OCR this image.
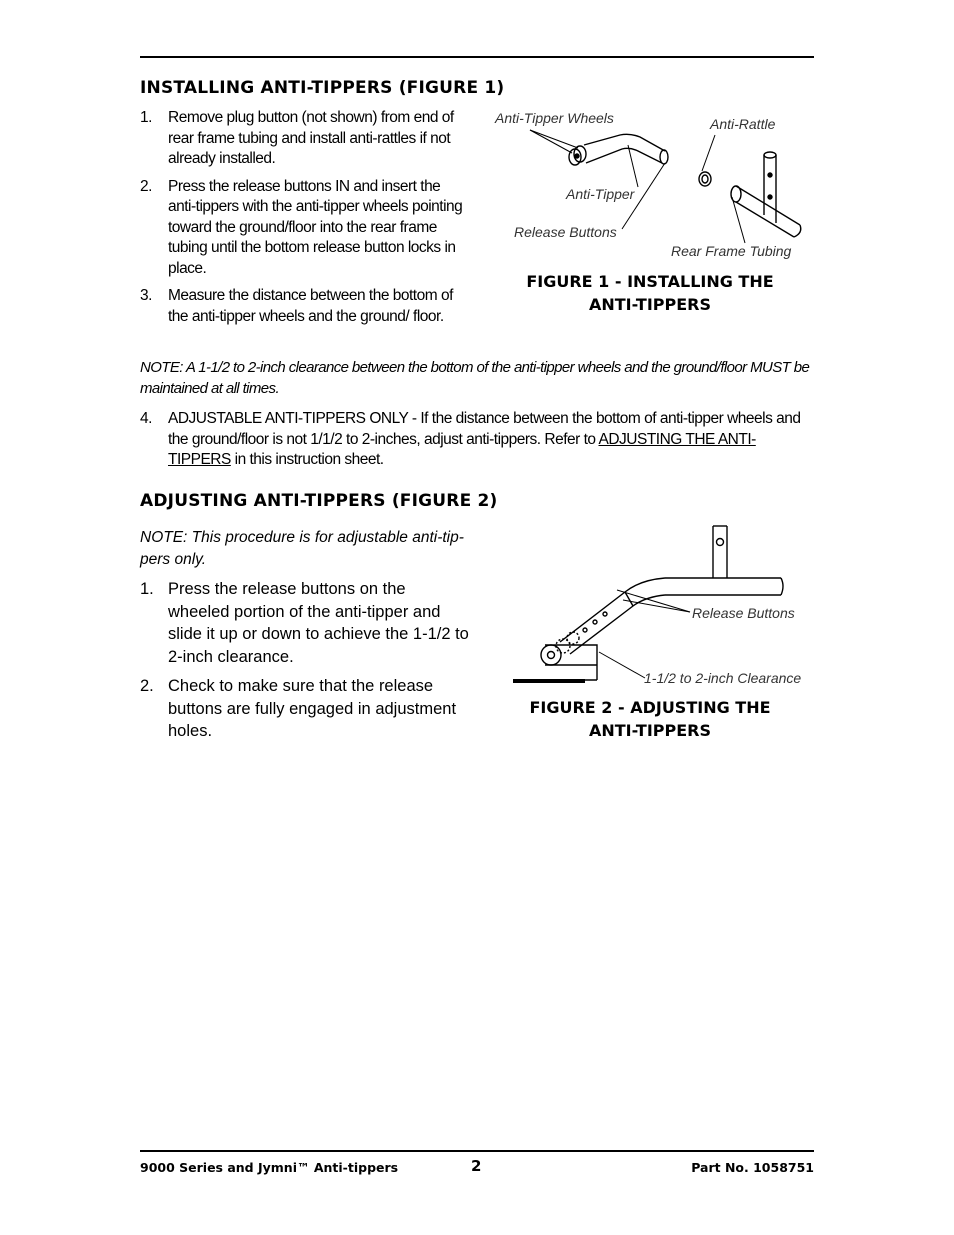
INSTALLING ANTI-TIPPERS (FIGURE 1)
1. Remove plug button (not shown) from end of rear frame tubing and install anti-rattles if not already installed.
2. Press the release buttons IN and insert the anti-tippers with the anti-tipper wheels pointing toward the ground/floor into the rear frame tubing until the bottom release button locks in place.
3. Measure the distance between the bottom of the anti-tipper wheels and the ground/ floor.
Anti-Tipper Wheels	Anti-Rattle
Anti-Tipper
Release Buttons
Rear Frame Tubing
FIGURE 1 - INSTALLING THE
ANTI-TIPPERS
NOTE: A 1-1/2 to 2-inch clearance between the bottom of the anti-tipper wheels and the ground/floor MUST be maintained at all times.
4. ADJUSTABLE ANTI-TIPPERS ONLY - If the distance between the bottom of anti-tipper wheels and the ground/floor is not 1/1/2 to 2-inches, adjust anti-tippers. Refer to ADJUSTING THE ANTI-TIPPERS in this instruction sheet.
ADJUSTING ANTI-TIPPERS (FIGURE 2)
NOTE: This procedure is for adjustable anti-tip- pers only.
1. Press the release buttons on the wheeled portion of the anti-tipper and slide it up or down to achieve the 1-1/2 to 2-inch clearance.
2. Check to make sure that the release buttons are fully engaged in adjustment holes.
Release Buttons
1-1/2 to 2-inch Clearance
FIGURE 2 - ADJUSTING THE
ANTI-TIPPERS
9000 Series and Jymni™ Anti-tippers	2	Part No. 1058751
